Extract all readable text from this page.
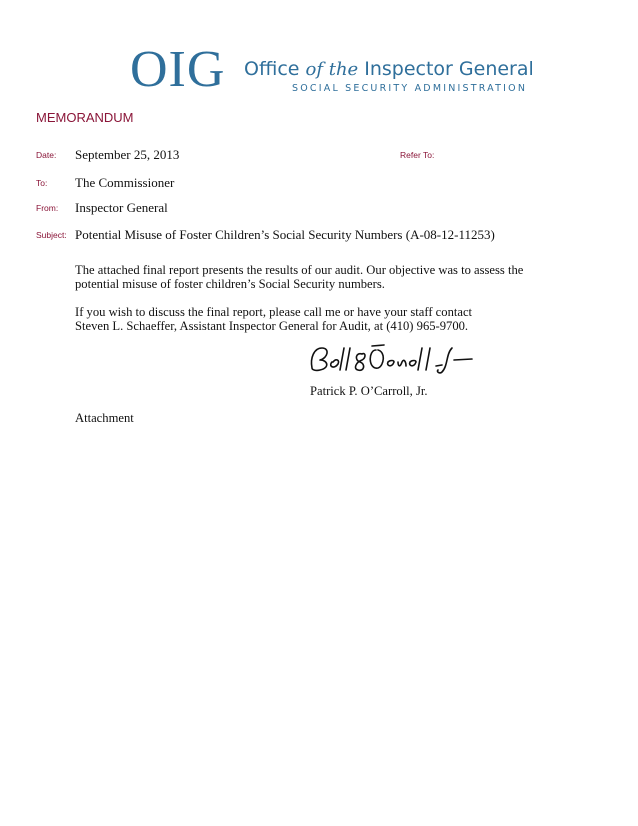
OIG Office of the Inspector General
SOCIAL SECURITY ADMINISTRATION
MEMORANDUM
Date: September 25, 2013	Refer To:
To: The Commissioner
From: Inspector General
Subject: Potential Misuse of Foster Children’s Social Security Numbers (A-08-12-11253)
The attached final report presents the results of our audit. Our objective was to assess the potential misuse of foster children’s Social Security numbers.
If you wish to discuss the final report, please call me or have your staff contact
Steven L. Schaeffer, Assistant Inspector General for Audit, at (410) 965-9700.
Patrick P. O’Carroll, Jr.
Attachment
